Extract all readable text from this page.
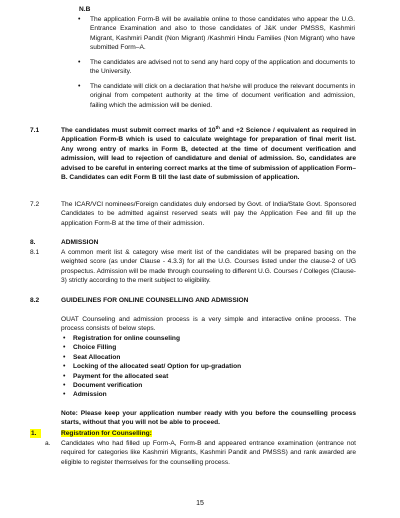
N.B
• The application Form-B will be available online to those candidates who appear the U.G. Entrance Examination and also to those candidates of J&K under PMSSS, Kashmiri Migrant, Kashmiri Pandit (Non Migrant) /Kashmiri Hindu Families (Non Migrant) who have submitted Form–A.
• The candidates are advised not to send any hard copy of the application and documents to the University.
• The candidate will click on a declaration that he/she will produce the relevant documents in original from competent authority at the time of document verification and admission, failing which the admission will be denied.
7.1	The candidates must submit correct marks of 10th and +2 Science / equivalent as required in Application Form-B which is used to calculate weightage for preparation of final merit list. Any wrong entry of marks in Form B, detected at the time of document verification and admission, will lead to rejection of candidature and denial of admission. So, candidates are advised to be careful in entering correct marks at the time of submission of application Form–B. Candidates can edit Form B till the last date of submission of application.
7.2	The ICAR/VCI nominees/Foreign candidates duly endorsed by Govt. of India/State Govt. Sponsored Candidates to be admitted against reserved seats will pay the Application Fee and fill up the application Form-B at the time of their admission.
8.	ADMISSION
8.1	A common merit list & category wise merit list of the candidates will be prepared basing on the weighted score (as under Clause - 4.3.3) for all the U.G. Courses listed under the clause-2 of UG prospectus. Admission will be made through counseling to different U.G. Courses / Colleges (Clause-3) strictly according to the merit subject to eligibility.
8.2	GUIDELINES FOR ONLINE COUNSELLING AND ADMISSION
OUAT Counseling and admission process is a very simple and interactive online process. The process consists of below steps.
• Registration for online counseling
• Choice Filling
• Seat Allocation
• Locking of the allocated seat/ Option for up-gradation
• Payment for the allocated seat
• Document verification
• Admission
Note: Please keep your application number ready with you before the counselling process starts, without that you will not be able to proceed.
1.	Registration for Counselling:
a. Candidates who had filled up Form-A, Form-B and appeared entrance examination (entrance not required for categories like Kashmiri Migrants, Kashmiri Pandit and PMSSS) and rank awarded are eligible to register themselves for the counselling process.
15
